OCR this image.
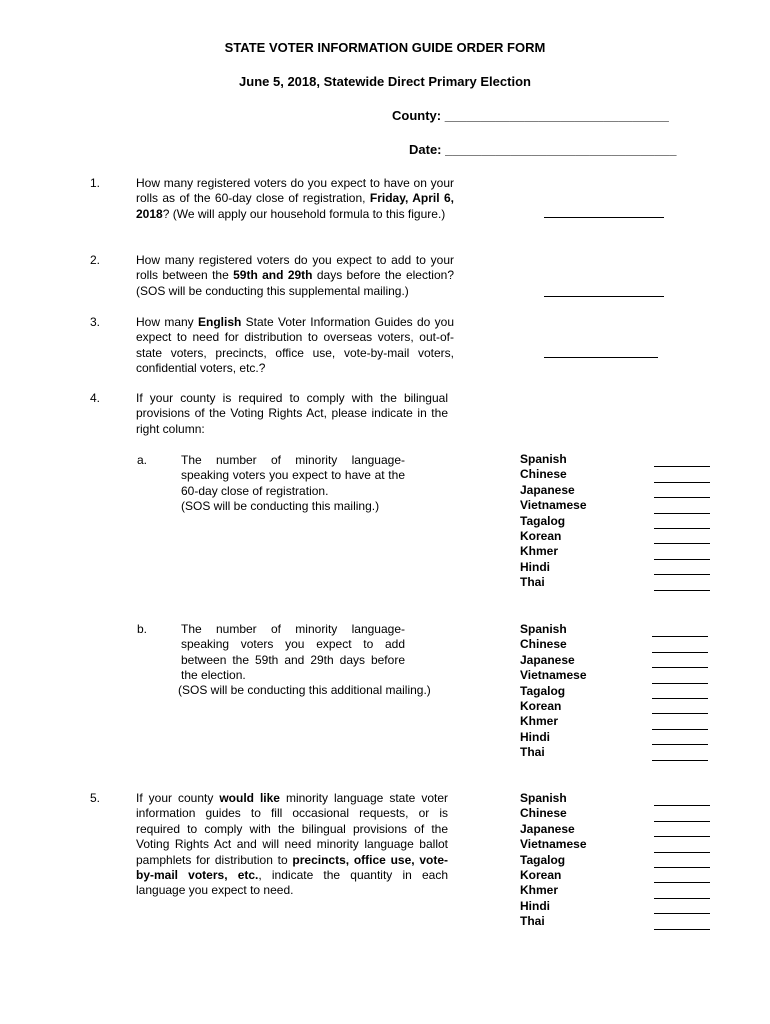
STATE VOTER INFORMATION GUIDE ORDER FORM
June 5, 2018, Statewide Direct Primary Election
County: _______________________________
Date: ________________________________
1.	How many registered voters do you expect to have on your rolls as of the 60-day close of registration, Friday, April 6, 2018? (We will apply our household formula to this figure.)
2.	How many registered voters do you expect to add to your rolls between the 59th and 29th days before the election? (SOS will be conducting this supplemental mailing.)
3.	How many English State Voter Information Guides do you expect to need for distribution to overseas voters, out-of-state voters, precincts, office use, vote-by-mail voters, confidential voters, etc.?
4.	If your county is required to comply with the bilingual provisions of the Voting Rights Act, please indicate in the right column:
a.	The number of minority language-speaking voters you expect to have at the 60-day close of registration.
(SOS will be conducting this mailing.)
Spanish
Chinese
Japanese
Vietnamese
Tagalog
Korean
Khmer
Hindi
Thai
b.	The number of minority language-speaking voters you expect to add between the 59th and 29th days before the election.
(SOS will be conducting this additional mailing.)
Spanish
Chinese
Japanese
Vietnamese
Tagalog
Korean
Khmer
Hindi
Thai
5.	If your county would like minority language state voter information guides to fill occasional requests, or is required to comply with the bilingual provisions of the Voting Rights Act and will need minority language ballot pamphlets for distribution to precincts, office use, vote-by-mail voters, etc., indicate the quantity in each language you expect to need.
Spanish
Chinese
Japanese
Vietnamese
Tagalog
Korean
Khmer
Hindi
Thai
